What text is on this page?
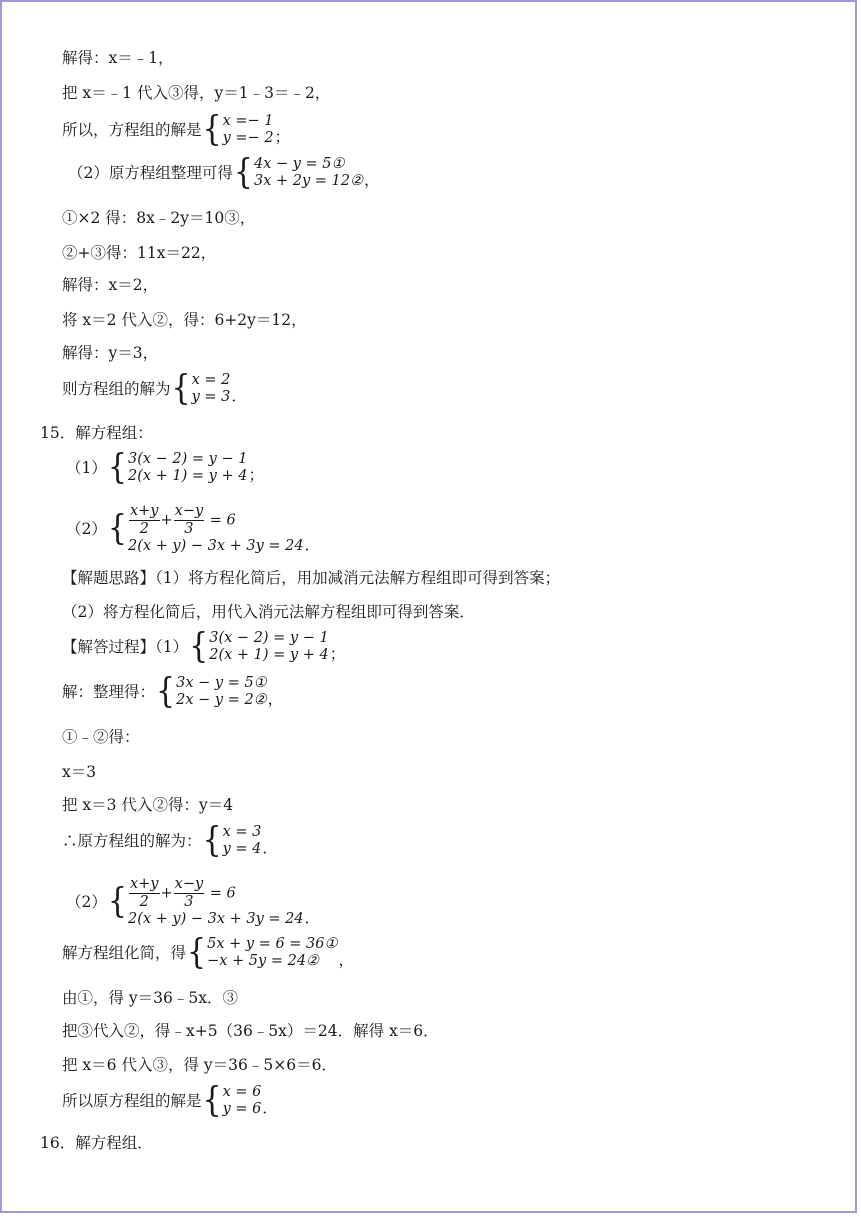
解得：x＝﹣1，
把 x＝﹣1 代入③得，y＝1﹣3＝﹣2，
所以，方程组的解是 { x =− 1
y =− 2 ；
（2）原方程组整理可得 { 4x − y = 5①
3x + 2y = 12② ，
①×2 得：8x﹣2y＝10③，
②+③得：11x＝22，
解得：x＝2，
将 x＝2 代入②，得：6+2y＝12，
解得：y＝3，
则方程组的解为 { x = 2
y = 3 ．
15．解方程组：
（1） { 3(x − 2) = y − 1
2(x + 1) = y + 4 ；
（2） { $\frac{x+y}{2} + \frac{x-y}{3} = 6$
2(x + y) − 3x + 3y = 24 ．
【解题思路】（1）将方程化简后，用加减消元法解方程组即可得到答案；
（2）将方程化简后，用代入消元法解方程组即可得到答案．
【解答过程】（1） { 3(x − 2) = y − 1
2(x + 1) = y + 4 ；
解：整理得： { 3x − y = 5①
2x − y = 2② ，
①﹣②得：
x＝3
把 x＝3 代入②得：y＝4
∴原方程组的解为： { x = 3
y = 4 ．
（2） { $\frac{x+y}{2} + \frac{x-y}{3} = 6$
2(x + y) − 3x + 3y = 24 ．
解方程组化简，得 { 5x + y = 6 = 36①
−x + 5y = 24②	，
由①，得 y＝36﹣5x．③
把③代入②，得﹣x+5（36﹣5x）＝24．解得 x＝6．
把 x＝6 代入③，得 y＝36﹣5×6＝6．
所以原方程组的解是 { x = 6
y = 6 ．
16．解方程组．
